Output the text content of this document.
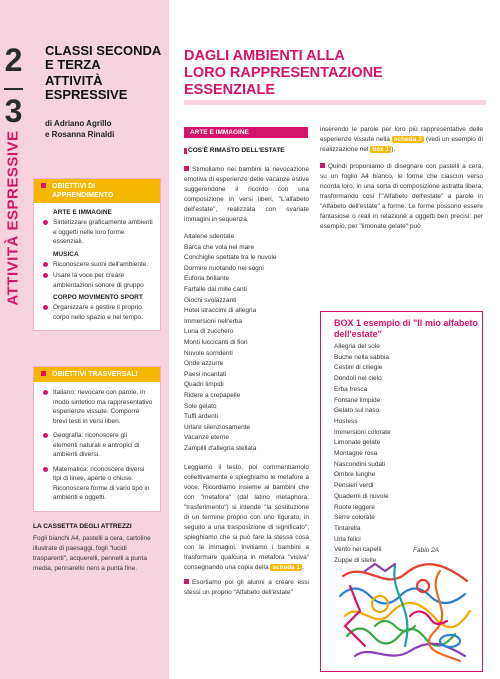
2
3
ATTIVITÀ ESPRESSIVE
CLASSI SECONDA
E TERZA
ATTIVITÀ
ESPRESSIVE
di Adriano Agrillo
e Rosanna Rinaldi
OBIETTIVI DI
APPRENDIMENTO
ARTE E IMMAGINE
Sintetizzare graficamente ambienti e oggetti nelle loro forme essenziali.
MUSICA
Riconoscere suoni dell'ambiente.
Usare la voce per creare ambientazioni sonore di gruppo
CORPO MOVIMENTO SPORT
Organizzare e gestire il proprio corpo nello spazio e nel tempo.
OBIETTIVI TRASVERSALI
Italiano: rievocare con parole, in modo sintetico ma rappresentativo esperienze vissute. Comporre brevi testi in versi liberi.
Geografia: riconoscere gli elementi naturali e antropici di ambienti diversi.
Matematica: riconoscere diversi tipi di linee, aperte o chiuse. Riconoscere forme di vario tipo in ambienti e oggetti.
LA CASSETTA DEGLI ATTREZZI
Fogli bianchi A4, pastelli a cera, cartoline illustrate di paesaggi, fogli "lucidi trasparenti", acquerelli, pennelli a punta media, pennarello nero a punta fine.
DAGLI AMBIENTI ALLA
LORO RAPPRESENTAZIONE
ESSENZIALE
ARTE E IMMAGINE
COS'È RIMASTO DELL'ESTATE

Stimoliamo nei bambini la rievocazione emotiva di esperienze delle vacanze estive suggerendone il ricordo con una composizione in versi liberi, "L'alfabeto dell'estate", realizzata con svariate immagini in sequenza.

Altalene sdentate
Barca che vola nel mare
Conchiglie spettate tra le nuvole
Dormire nuotando nei sogni
Euforia brillante
Farfalle dai mille canti
Giochi svolazzanti
Hotel straccimi di allegria
Immersioni nell'erba
Luna di zucchero
Monti luccicanti di fiori
Nuvole sorridenti
Onde azzurre
Paesi incantati
Quadri limpidi
Ridere a crepapelle
Sole gelato
Tuffi ardenti
Urlare silenziosamente
Vacanze eterne
Zampilli d'allegria stellata

Leggiamo il testo, poi commentiamolo collettivamente e spieghiamo le metafore a voce. Ricordiamo insieme ai bambini che con "metafora" (dal latino metaphora: "trasferimento") si intende "la sostituzione di un termine proprio con uno figurato, in seguito a una trasposizione di significato"; spieghiamo che si può fare la stessa cosa con le immagini. Invitiamo i bambini a trasformare qualcuna in metafora "visiva" consegnando una copia della scheda 1 .

Esortiamo poi gli alunni a creare essi stessi un proprio "Alfabeto dell'estate"

inserendo le parole per loro più rappresentative delle esperienze vissute nella scheda 2 (vedi un esempio di realizzazione nel box 1 ).

Quindi proponiamo di disegnare con pastelli a cera, su un foglio A4 bianco, le forme che ciascun verso ricorda loro, in una sorta di composizione astratta libera, trasformando così l'"Alfabeto dell'estate" a parole in "Alfabeto dell'estate" a forme. Le forme possono essere fantasiose o reali in relazione a oggetti ben precisi: per esempio, per "limonate gelate" può

BOX 1 esempio di "Il mio alfabeto dell'estate"
Allegria del sole
Buche nella sabbia
Cestini di ciliegie
Dondoli nel cielo
Erba fresca
Fontane limpide
Gelato sul naso
Hostess
Immersioni colorate
Limonate gelate
Montagne rosa
Nascondini sudati
Ombre lunghe
Pensieri verdi
Quaderni di nuvole
Ruote leggere
Serre colorate
Tintarella
Urla felici
Vento nei capelli
Zuppe di stelle
Fabio 2A
